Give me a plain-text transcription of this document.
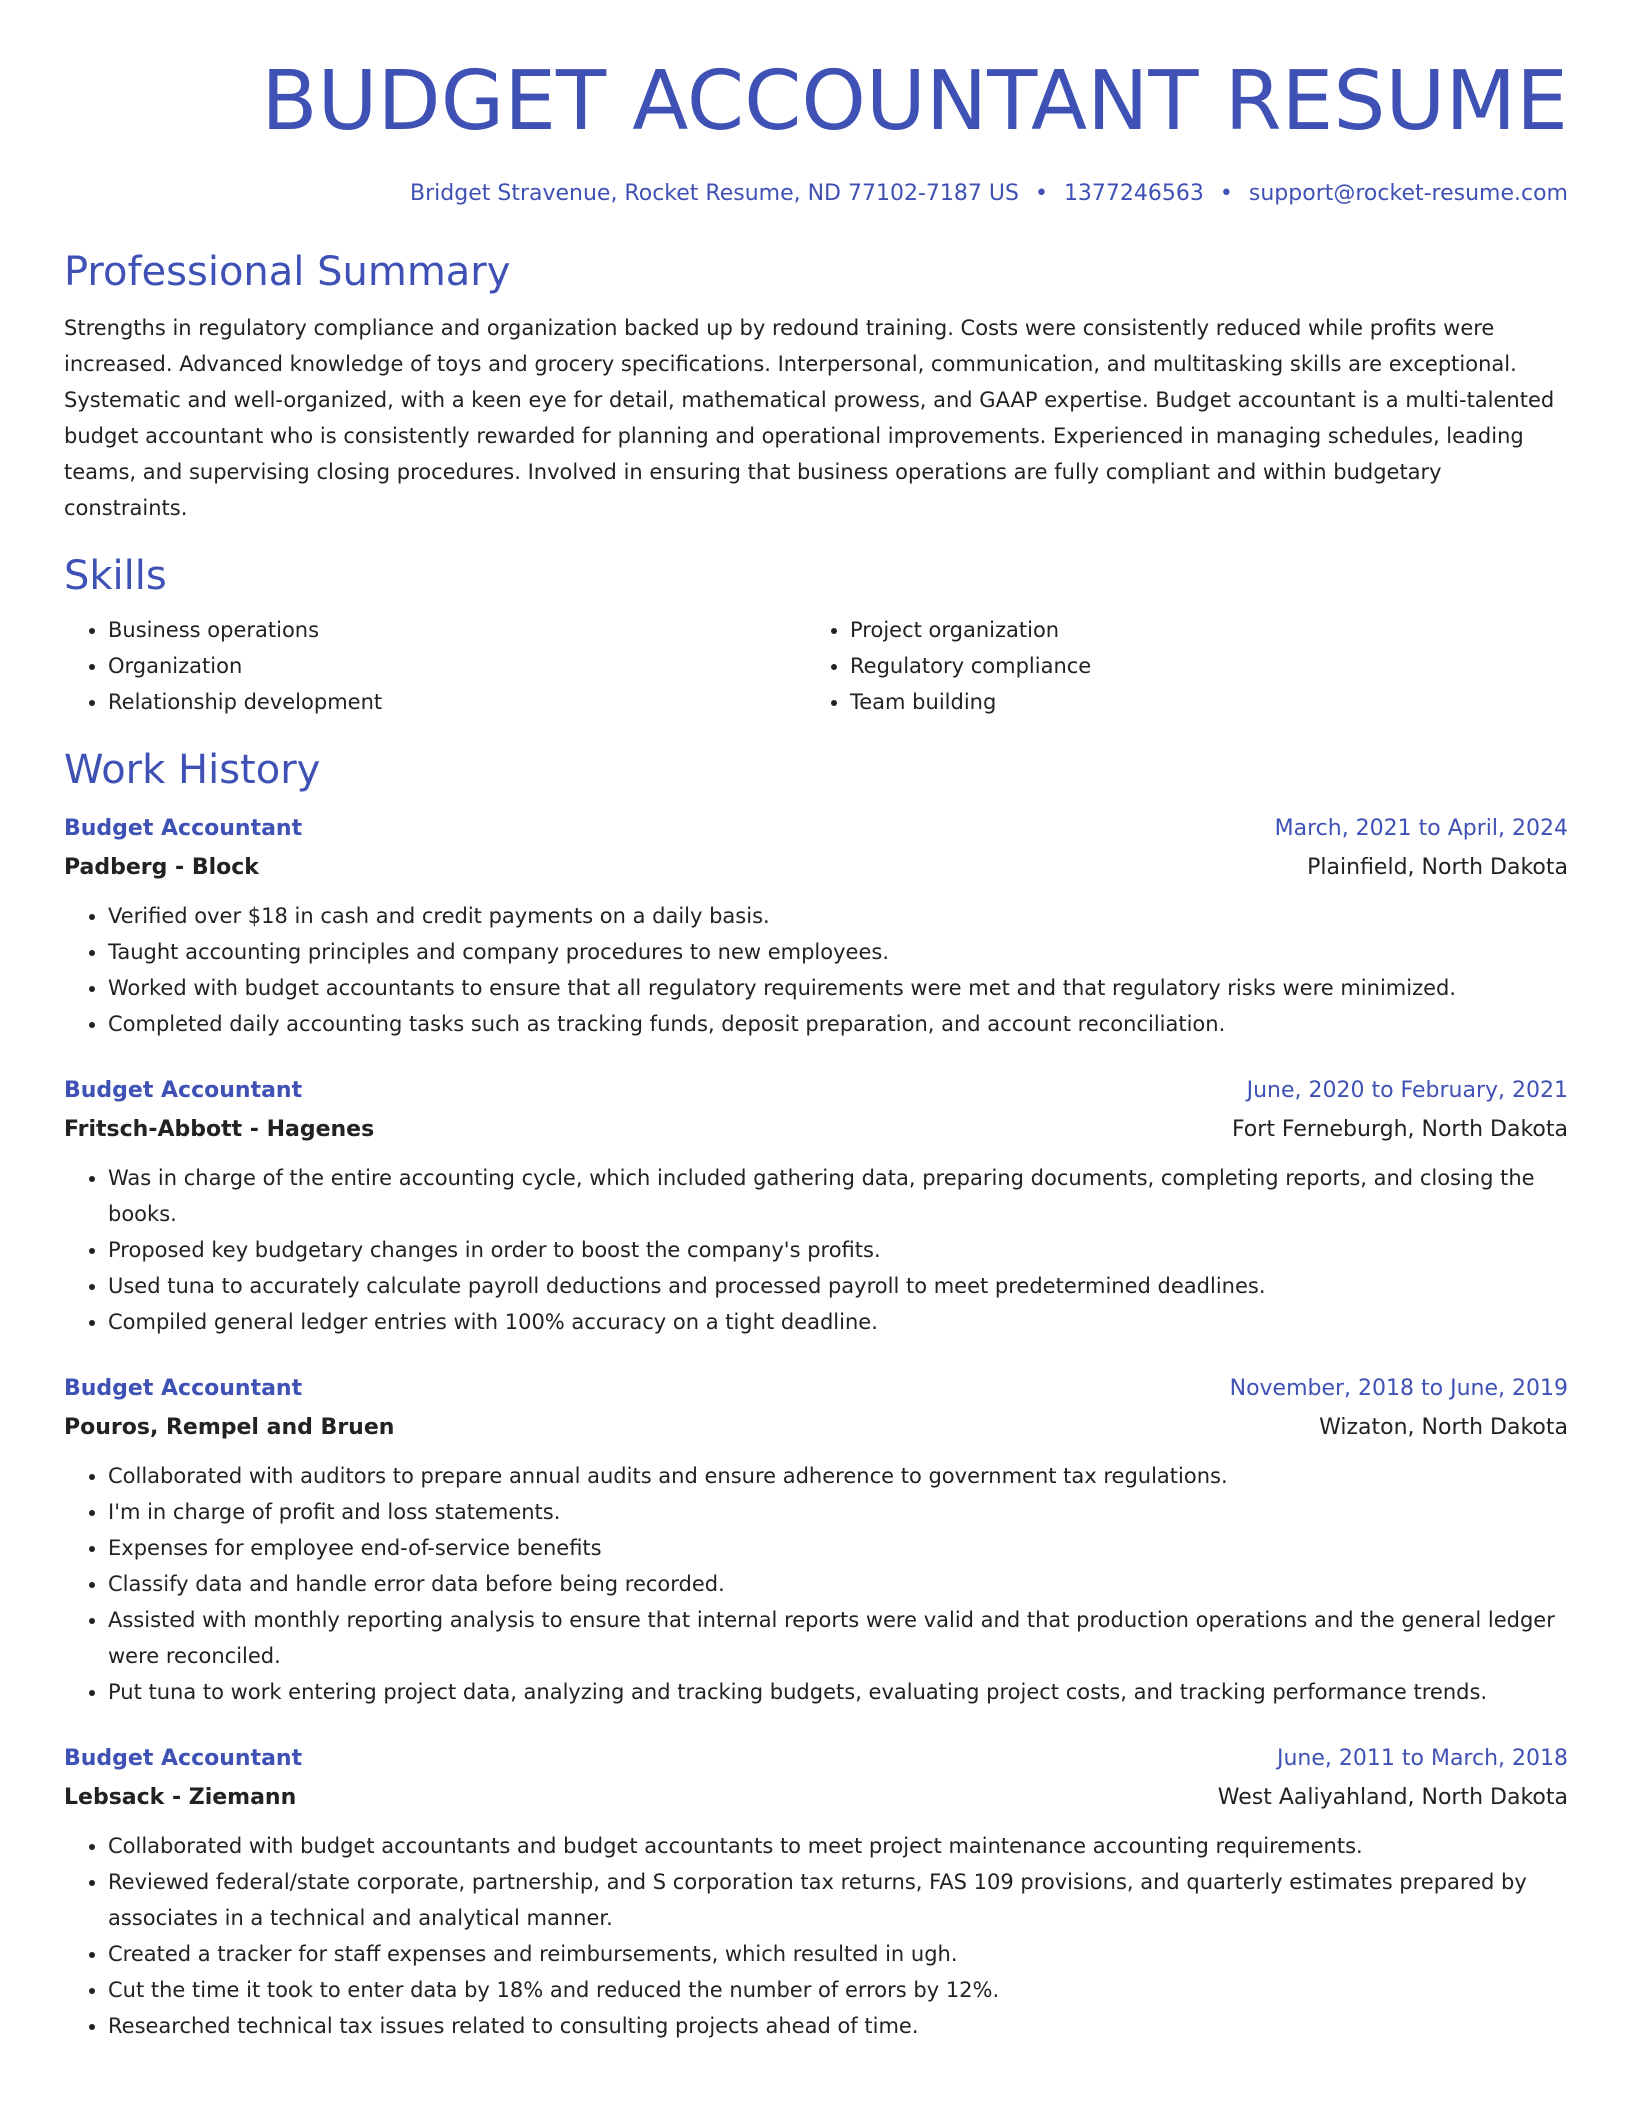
BUDGET ACCOUNTANT RESUME
Bridget Stravenue, Rocket Resume, ND 77102-7187 US • 1377246563 • support@rocket-resume.com
Professional Summary
Strengths in regulatory compliance and organization backed up by redound training. Costs were consistently reduced while profits were increased. Advanced knowledge of toys and grocery specifications. Interpersonal, communication, and multitasking skills are exceptional. Systematic and well-organized, with a keen eye for detail, mathematical prowess, and GAAP expertise. Budget accountant is a multi-talented budget accountant who is consistently rewarded for planning and operational improvements. Experienced in managing schedules, leading teams, and supervising closing procedures. Involved in ensuring that business operations are fully compliant and within budgetary constraints.
Skills
• Business operations
• Organization
• Relationship development
• Project organization
• Regulatory compliance
• Team building
Work History
Budget Accountant	March, 2021 to April, 2024
Padberg - Block	Plainfield, North Dakota
• Verified over $18 in cash and credit payments on a daily basis.
• Taught accounting principles and company procedures to new employees.
• Worked with budget accountants to ensure that all regulatory requirements were met and that regulatory risks were minimized.
• Completed daily accounting tasks such as tracking funds, deposit preparation, and account reconciliation.
Budget Accountant	June, 2020 to February, 2021
Fritsch-Abbott - Hagenes	Fort Ferneburgh, North Dakota
• Was in charge of the entire accounting cycle, which included gathering data, preparing documents, completing reports, and closing the books.
• Proposed key budgetary changes in order to boost the company's profits.
• Used tuna to accurately calculate payroll deductions and processed payroll to meet predetermined deadlines.
• Compiled general ledger entries with 100% accuracy on a tight deadline.
Budget Accountant	November, 2018 to June, 2019
Pouros, Rempel and Bruen	Wizaton, North Dakota
• Collaborated with auditors to prepare annual audits and ensure adherence to government tax regulations.
• I'm in charge of profit and loss statements.
• Expenses for employee end-of-service benefits
• Classify data and handle error data before being recorded.
• Assisted with monthly reporting analysis to ensure that internal reports were valid and that production operations and the general ledger were reconciled.
• Put tuna to work entering project data, analyzing and tracking budgets, evaluating project costs, and tracking performance trends.
Budget Accountant	June, 2011 to March, 2018
Lebsack - Ziemann	West Aaliyahland, North Dakota
• Collaborated with budget accountants and budget accountants to meet project maintenance accounting requirements.
• Reviewed federal/state corporate, partnership, and S corporation tax returns, FAS 109 provisions, and quarterly estimates prepared by associates in a technical and analytical manner.
• Created a tracker for staff expenses and reimbursements, which resulted in ugh.
• Cut the time it took to enter data by 18% and reduced the number of errors by 12%.
• Researched technical tax issues related to consulting projects ahead of time.
